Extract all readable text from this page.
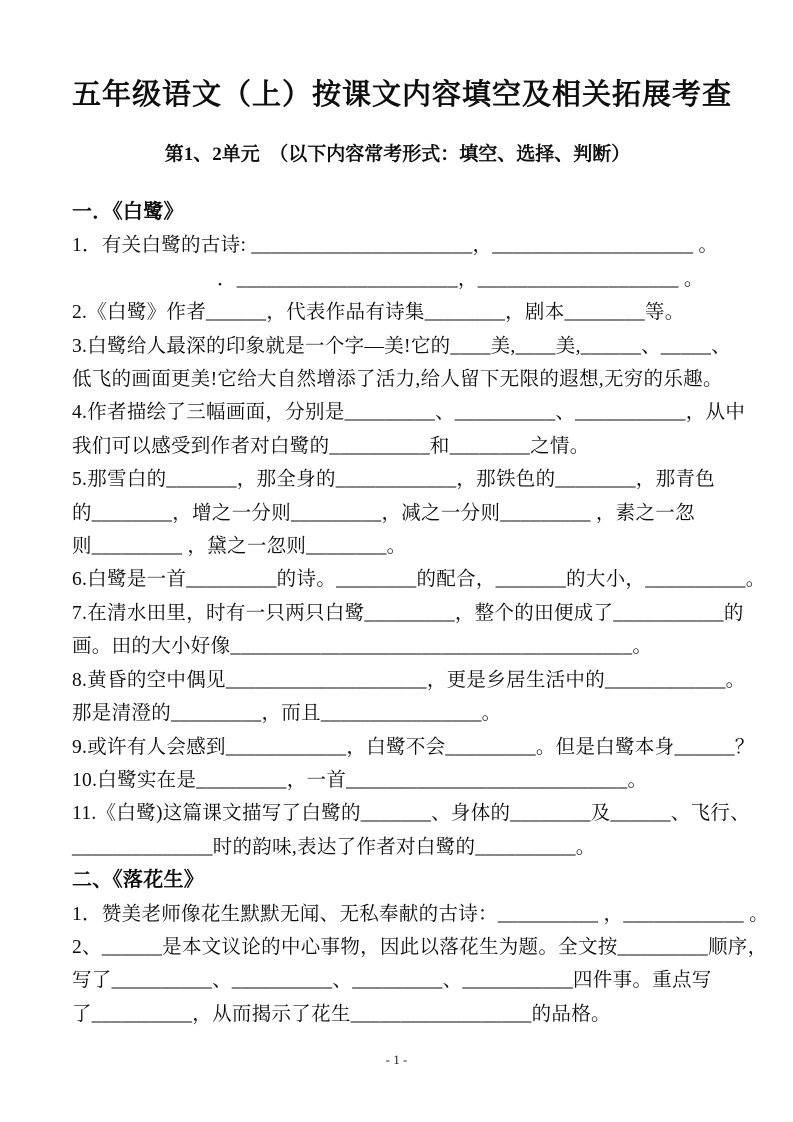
五年级语文（上）按课文内容填空及相关拓展考查
第1、2单元　（以下内容常考形式：填空、选择、判断）

一．《白鹭》

1．有关白鹭的古诗: ______________________，____________________ 。

．______________________，____________________ 。

2.《白鹭》作者______，代表作品有诗集________，剧本________等。

3.白鹭给人最深的印象就是一个字—美!它的____美,____美,______、_____、

低飞的画面更美!它给大自然增添了活力,给人留下无限的遐想,无穷的乐趣。

4.作者描绘了三幅画面，分别是_________、__________、___________，从中

我们可以感受到作者对白鹭的__________和________之情。

5.那雪白的_______，那全身的____________，那铁色的________，那青色

的________，增之一分则_________，减之一分则_________ ，素之一忽

则_________ ，黛之一忽则________。

6.白鹭是一首_________的诗。________的配合，_______的大小，__________。

7.在清水田里，时有一只两只白鹭_________，整个的田便成了___________的

画。田的大小好像________________________________________。

8.黄昏的空中偶见____________________，更是乡居生活中的____________。

那是清澄的_________，而且________________。

9.或许有人会感到____________，白鹭不会_________。但是白鹭本身______？

10.白鹭实在是_________，一首____________________________。

11.《白鹭)这篇课文描写了白鹭的_______、身体的________及______、飞行、

______________时的韵味,表达了作者对白鹭的__________。

二、《落花生》

1．赞美老师像花生默默无闻、无私奉献的古诗：__________ ，____________ 。

2、______是本文议论的中心事物，因此以落花生为题。全文按_________顺序，

写了__________、__________、_________、___________四件事。重点写

了__________，从而揭示了花生__________________的品格。

- 1 -
